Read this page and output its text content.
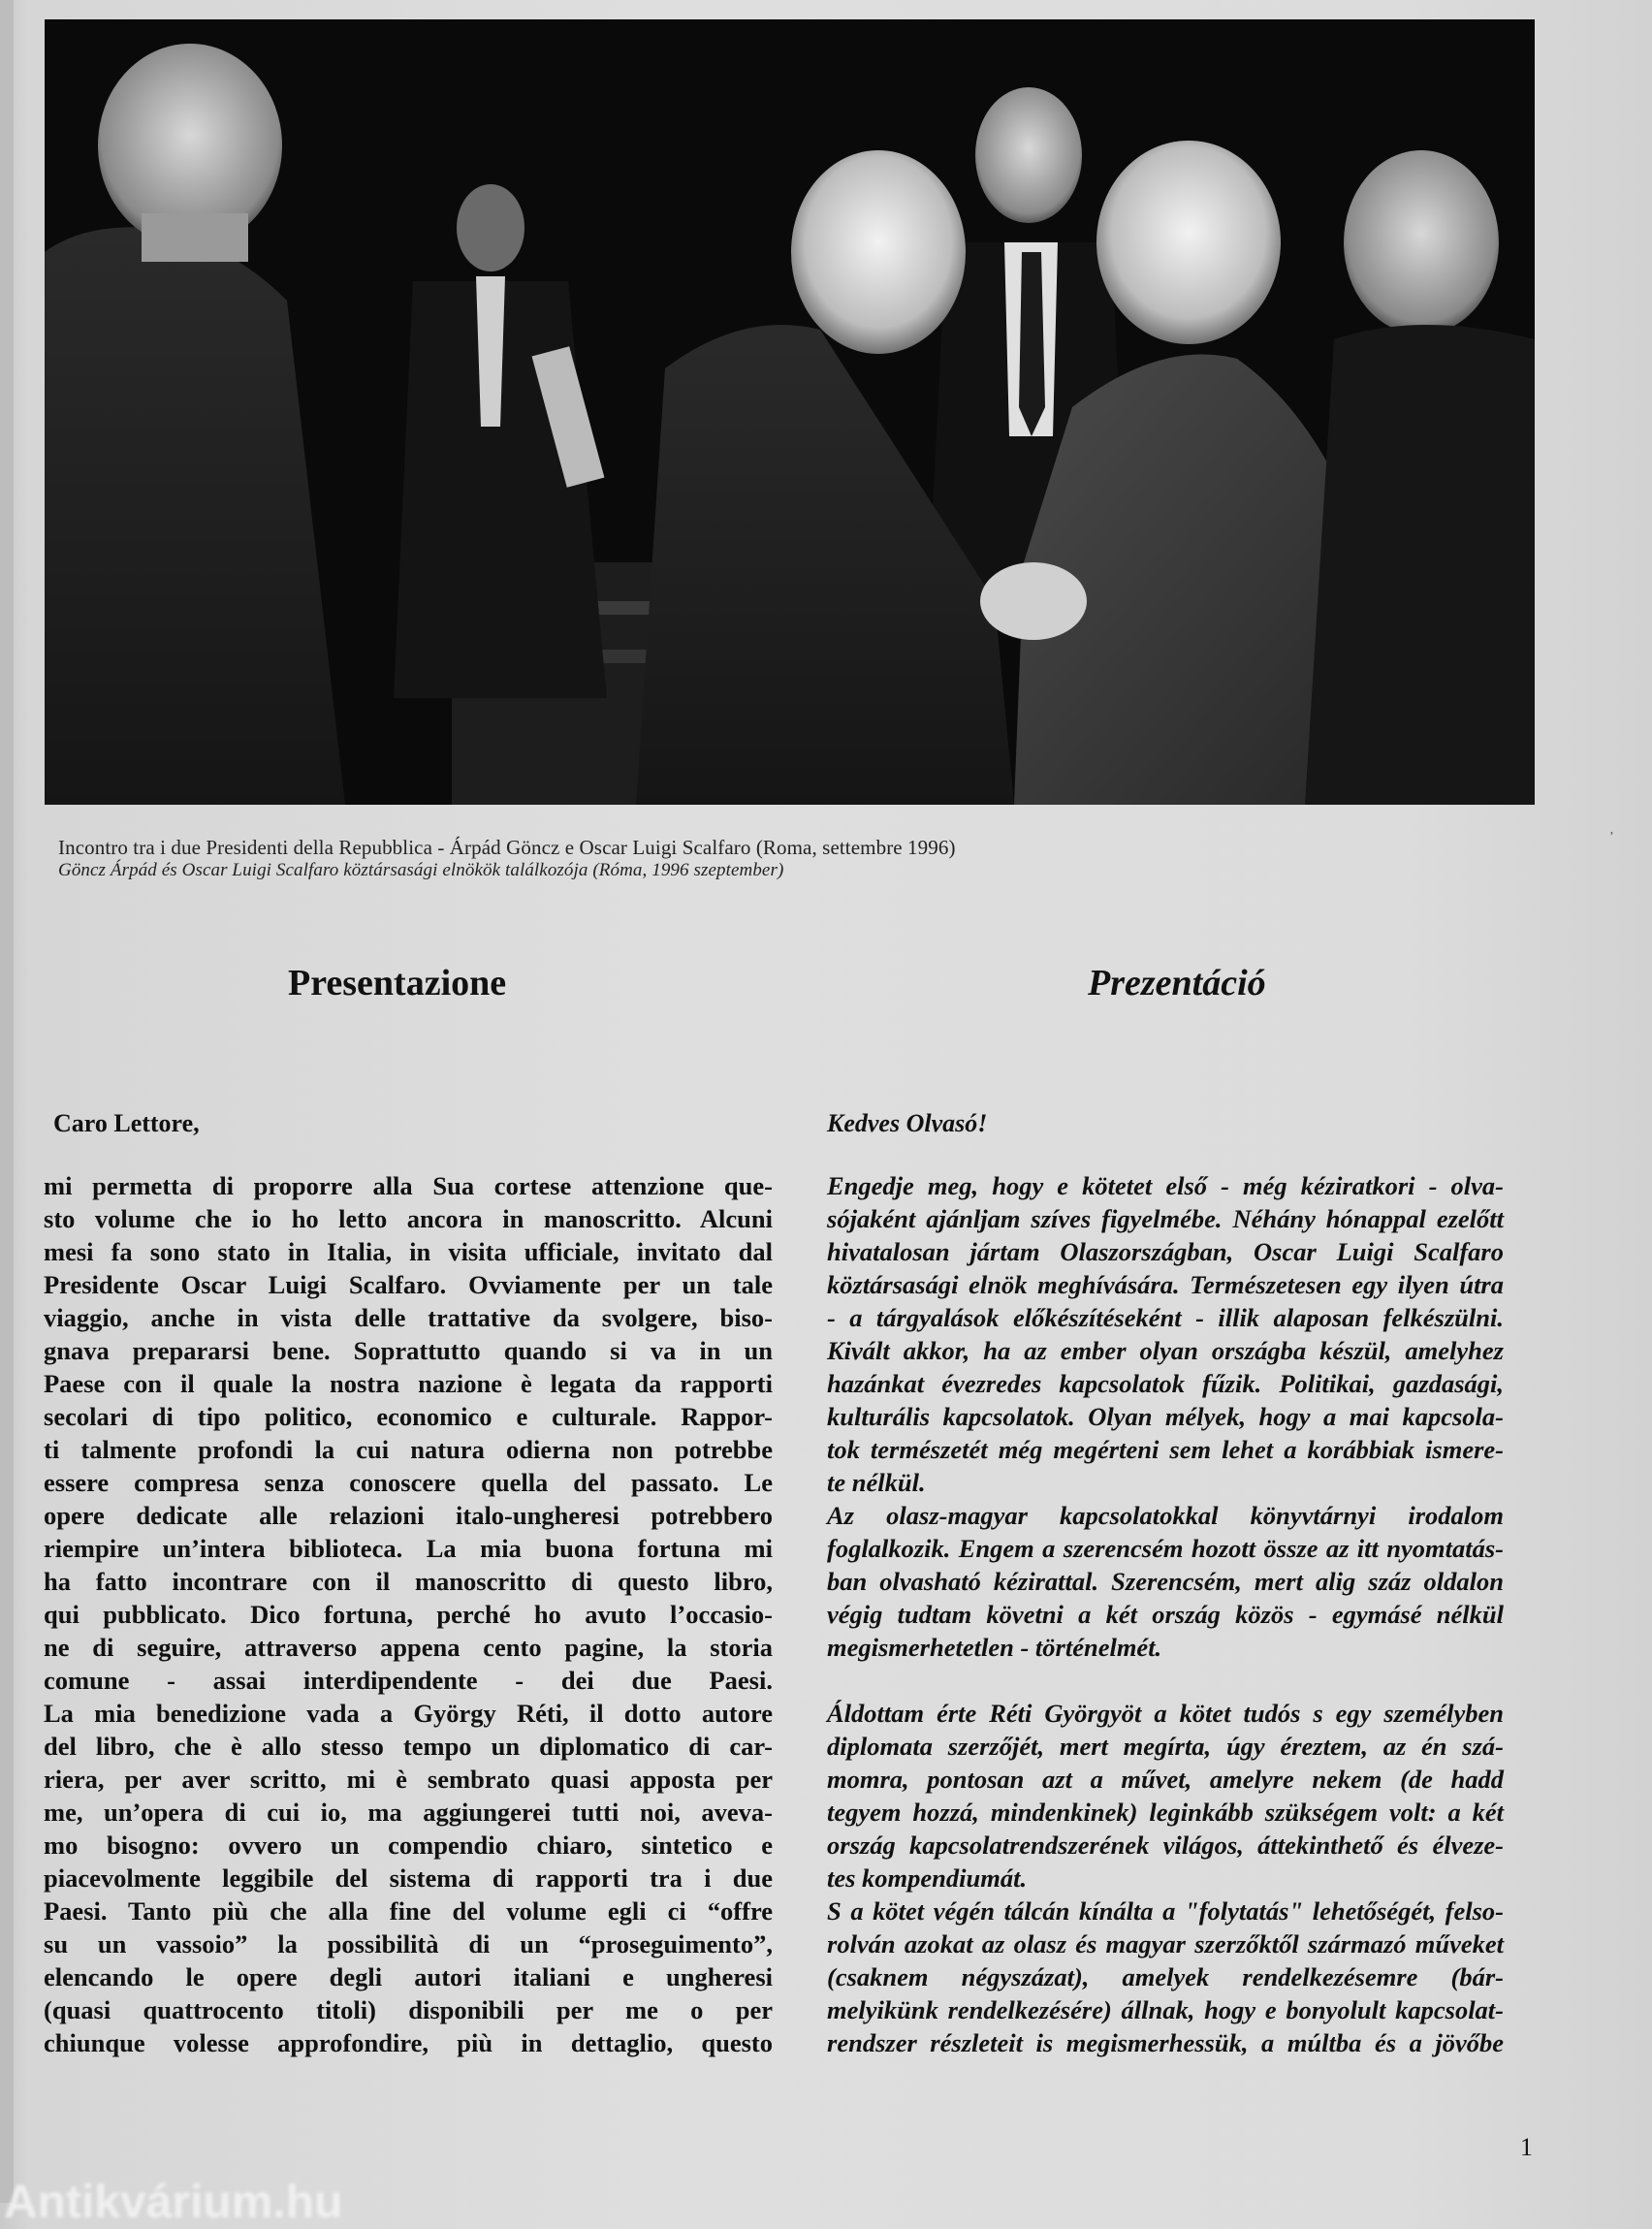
Incontro tra i due Presidenti della Repubblica - Árpád Göncz e Oscar Luigi Scalfaro (Roma, settembre 1996)
Göncz Árpád és Oscar Luigi Scalfaro köztársasági elnökök találkozója (Róma, 1996 szeptember)
Presentazione	Prezentáció
Caro Lettore,	Kedves Olvasó!
mi permetta di proporre alla Sua cortese attenzione que-
sto volume che io ho letto ancora in manoscritto. Alcuni
mesi fa sono stato in Italia, in visita ufficiale, invitato dal
Presidente Oscar Luigi Scalfaro. Ovviamente per un tale
viaggio, anche in vista delle trattative da svolgere, biso-
gnava prepararsi bene. Soprattutto quando si va in un
Paese con il quale la nostra nazione è legata da rapporti
secolari di tipo politico, economico e culturale. Rappor-
ti talmente profondi la cui natura odierna non potrebbe
essere compresa senza conoscere quella del passato. Le
opere dedicate alle relazioni italo-ungheresi potrebbero
riempire un’intera biblioteca. La mia buona fortuna mi
ha fatto incontrare con il manoscritto di questo libro,
qui pubblicato. Dico fortuna, perché ho avuto l’occasio-
ne di seguire, attraverso appena cento pagine, la storia
comune - assai interdipendente - dei due Paesi.
La mia benedizione vada a György Réti, il dotto autore
del libro, che è allo stesso tempo un diplomatico di car-
riera, per aver scritto, mi è sembrato quasi apposta per
me, un’opera di cui io, ma aggiungerei tutti noi, aveva-
mo bisogno: ovvero un compendio chiaro, sintetico e
piacevolmente leggibile del sistema di rapporti tra i due
Paesi. Tanto più che alla fine del volume egli ci “offre
su un vassoio” la possibilità di un “proseguimento”,
elencando le opere degli autori italiani e ungheresi
(quasi quattrocento titoli) disponibili per me o per
chiunque volesse approfondire, più in dettaglio, questo
Engedje meg, hogy e kötetet első - még kéziratkori - olva-
sójaként ajánljam szíves figyelmébe. Néhány hónappal ezelőtt
hivatalosan jártam Olaszországban, Oscar Luigi Scalfaro
köztársasági elnök meghívására. Természetesen egy ilyen útra
- a tárgyalások előkészítéseként - illik alaposan felkészülni.
Kivált akkor, ha az ember olyan országba készül, amelyhez
hazánkat évezredes kapcsolatok fűzik. Politikai, gazdasági,
kulturális kapcsolatok. Olyan mélyek, hogy a mai kapcsola-
tok természetét még megérteni sem lehet a korábbiak ismere-
te nélkül.
Az olasz-magyar kapcsolatokkal könyvtárnyi irodalom
foglalkozik. Engem a szerencsém hozott össze az itt nyomtatás-
ban olvasható kézirattal. Szerencsém, mert alig száz oldalon
végig tudtam követni a két ország közös - egymásé nélkül
megismerhetetlen - történelmét.
Áldottam érte Réti Györgyöt a kötet tudós s egy személyben
diplomata szerzőjét, mert megírta, úgy éreztem, az én szá-
momra, pontosan azt a művet, amelyre nekem (de hadd
tegyem hozzá, mindenkinek) leginkább szükségem volt: a két
ország kapcsolatrendszerének világos, áttekinthető és élveze-
tes kompendiumát.
S a kötet végén tálcán kínálta a "folytatás" lehetőségét, felso-
rolván azokat az olasz és magyar szerzőktől származó műveket
(csaknem négyszázat), amelyek rendelkezésemre (bár-
melyikünk rendelkezésére) állnak, hogy e bonyolult kapcsolat-
rendszer részleteit is megismerhessük, a múltba és a jövőbe
1
Antikvárium.hu
ʼ
